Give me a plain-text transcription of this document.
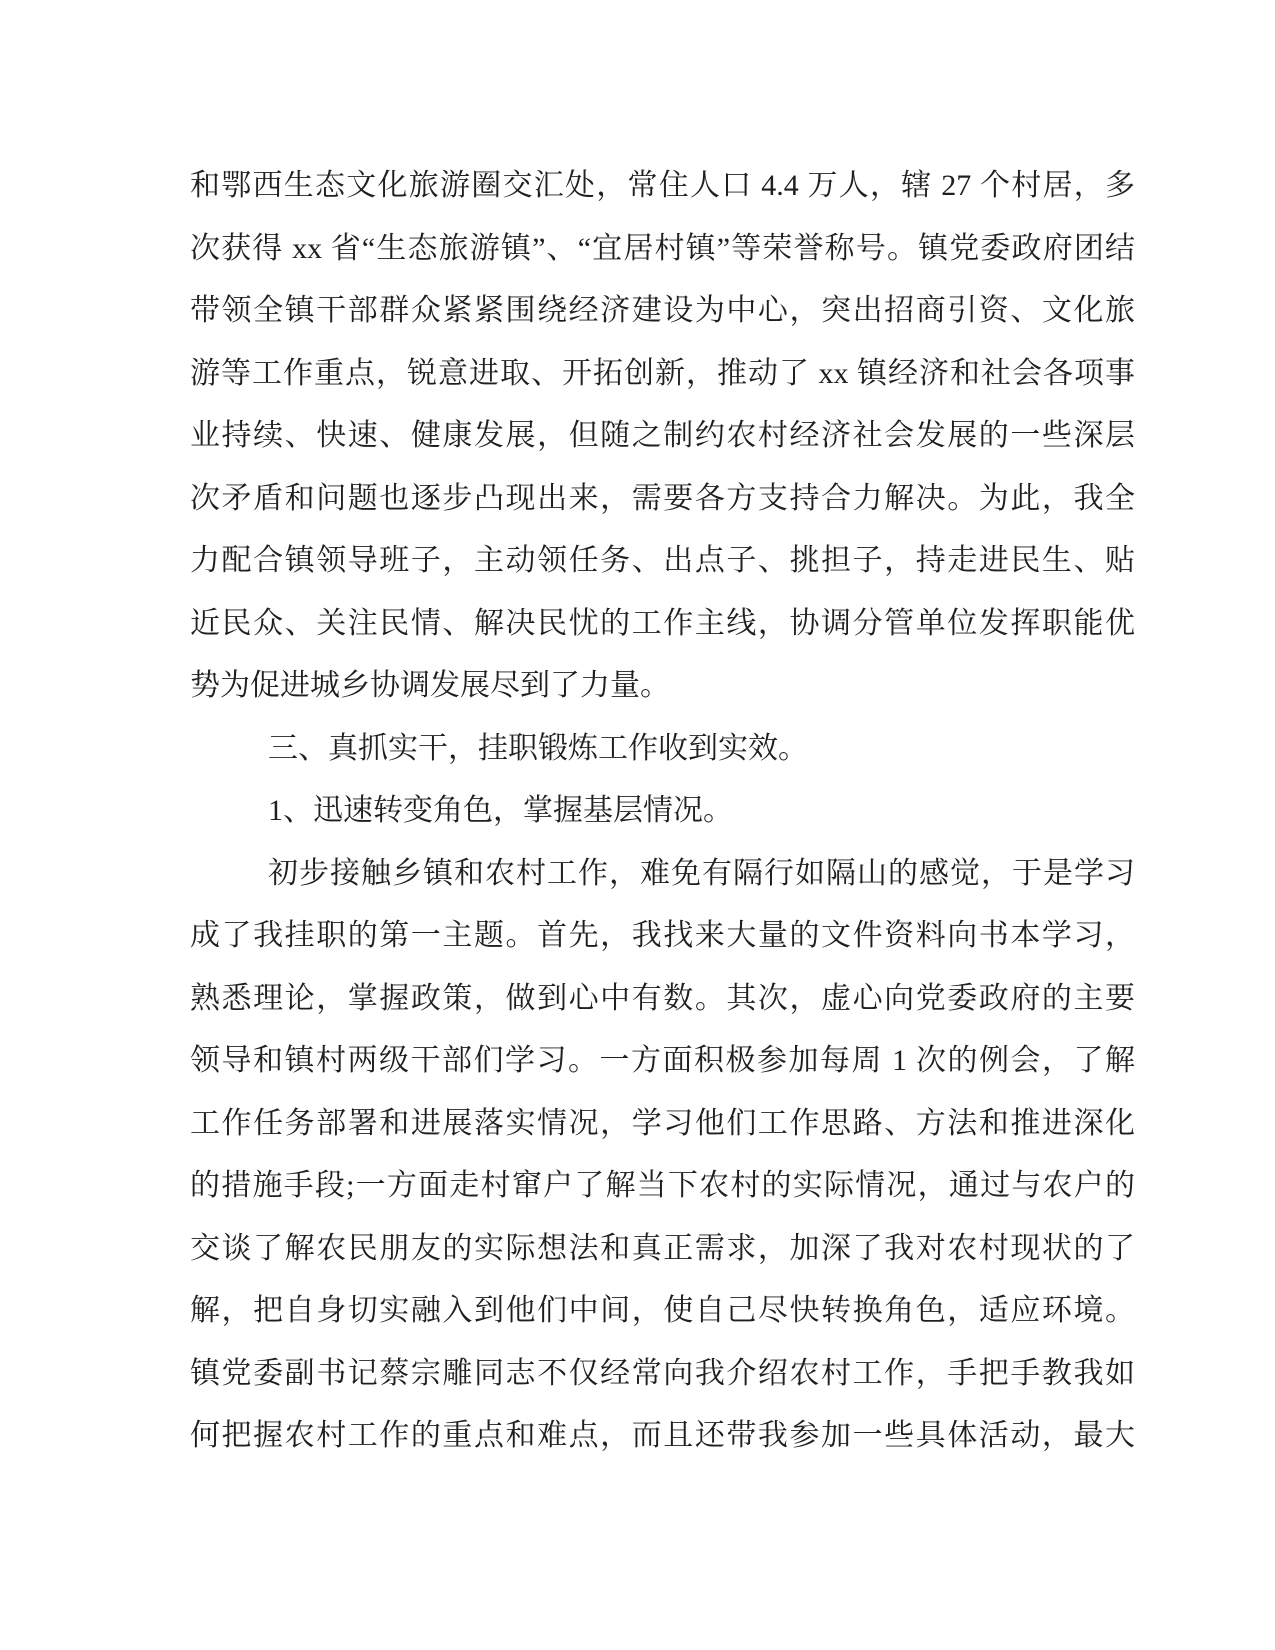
和鄂西生态文化旅游圈交汇处，常住人口 4.4 万人，辖 27 个村居，多
次获得 xx 省“生态旅游镇”、“宜居村镇”等荣誉称号。镇党委政府团结
带领全镇干部群众紧紧围绕经济建设为中心，突出招商引资、文化旅
游等工作重点，锐意进取、开拓创新，推动了 xx 镇经济和社会各项事
业持续、快速、健康发展，但随之制约农村经济社会发展的一些深层
次矛盾和问题也逐步凸现出来，需要各方支持合力解决。为此，我全
力配合镇领导班子，主动领任务、出点子、挑担子，持走进民生、贴
近民众、关注民情、解决民忧的工作主线，协调分管单位发挥职能优
势为促进城乡协调发展尽到了力量。
三、真抓实干，挂职锻炼工作收到实效。
1、迅速转变角色，掌握基层情况。
初步接触乡镇和农村工作，难免有隔行如隔山的感觉，于是学习
成了我挂职的第一主题。首先，我找来大量的文件资料向书本学习，
熟悉理论，掌握政策，做到心中有数。其次，虚心向党委政府的主要
领导和镇村两级干部们学习。一方面积极参加每周 1 次的例会，了解
工作任务部署和进展落实情况，学习他们工作思路、方法和推进深化
的措施手段;一方面走村窜户了解当下农村的实际情况，通过与农户的
交谈了解农民朋友的实际想法和真正需求，加深了我对农村现状的了
解，把自身切实融入到他们中间，使自己尽快转换角色，适应环境。
镇党委副书记蔡宗雕同志不仅经常向我介绍农村工作，手把手教我如
何把握农村工作的重点和难点，而且还带我参加一些具体活动，最大
